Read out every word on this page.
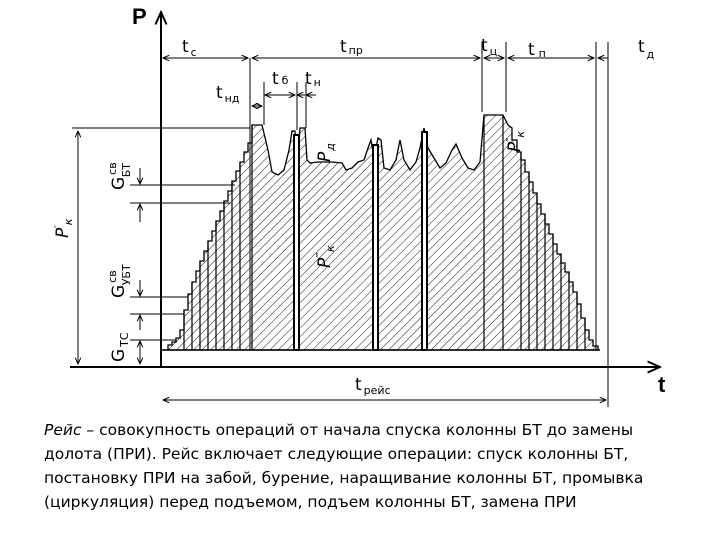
P
t
t $_с$	tпр	t $_ц$ tп	t $_д$
t $_{нд}$
tб tн
t $_{рейс}$
$G^{св}БТ$
$G^{св}УБТ$
$G_{ТС}$
$P'_к$
$P_д$	$P''_к$
$P^‴_к$
Рейс – совокупность операций от начала спуска колонны БТ до замены долота (ПРИ). Рейс включает следующие операции: спуск колонны БТ, постановку ПРИ на забой, бурение, наращивание колонны БТ, промывка (циркуляция) перед подъемом, подъем колонны БТ, замена ПРИ
